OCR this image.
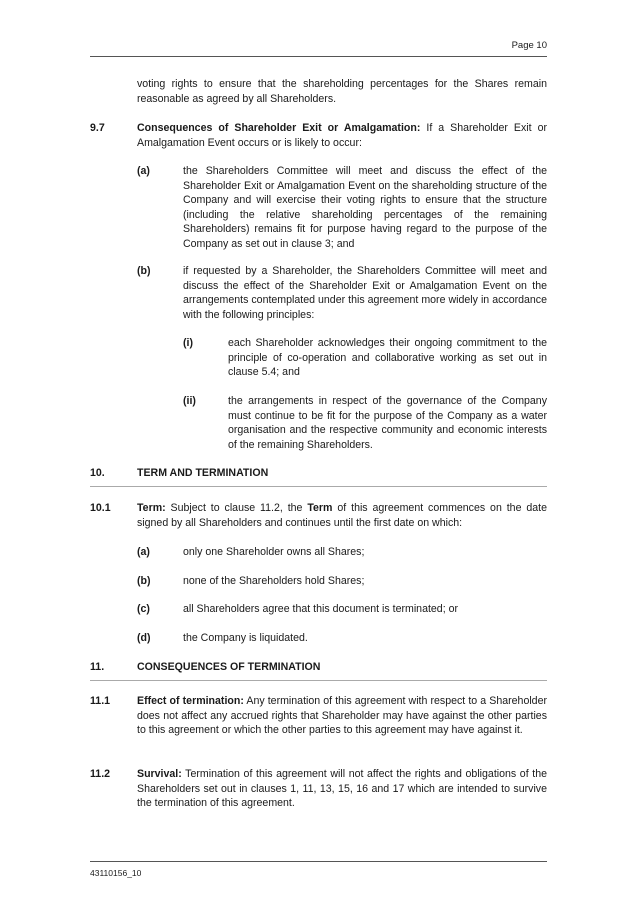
Page 10
voting rights to ensure that the shareholding percentages for the Shares remain reasonable as agreed by all Shareholders.
9.7	Consequences of Shareholder Exit or Amalgamation: If a Shareholder Exit or Amalgamation Event occurs or is likely to occur:
(a)	the Shareholders Committee will meet and discuss the effect of the Shareholder Exit or Amalgamation Event on the shareholding structure of the Company and will exercise their voting rights to ensure that the structure (including the relative shareholding percentages of the remaining Shareholders) remains fit for purpose having regard to the purpose of the Company as set out in clause 3; and
(b)	if requested by a Shareholder, the Shareholders Committee will meet and discuss the effect of the Shareholder Exit or Amalgamation Event on the arrangements contemplated under this agreement more widely in accordance with the following principles:
(i)	each Shareholder acknowledges their ongoing commitment to the principle of co-operation and collaborative working as set out in clause 5.4; and
(ii)	the arrangements in respect of the governance of the Company must continue to be fit for the purpose of the Company as a water organisation and the respective community and economic interests of the remaining Shareholders.
10.	TERM AND TERMINATION
10.1 Term: Subject to clause 11.2, the Term of this agreement commences on the date signed by all Shareholders and continues until the first date on which:
(a)	only one Shareholder owns all Shares;
(b)	none of the Shareholders hold Shares;
(c)	all Shareholders agree that this document is terminated; or
(d)	the Company is liquidated.
11.	CONSEQUENCES OF TERMINATION
11.1	Effect of termination: Any termination of this agreement with respect to a Shareholder does not affect any accrued rights that Shareholder may have against the other parties to this agreement or which the other parties to this agreement may have against it.
11.2	Survival: Termination of this agreement will not affect the rights and obligations of the Shareholders set out in clauses 1, 11, 13, 15, 16 and 17 which are intended to survive the termination of this agreement.
43110156_10
